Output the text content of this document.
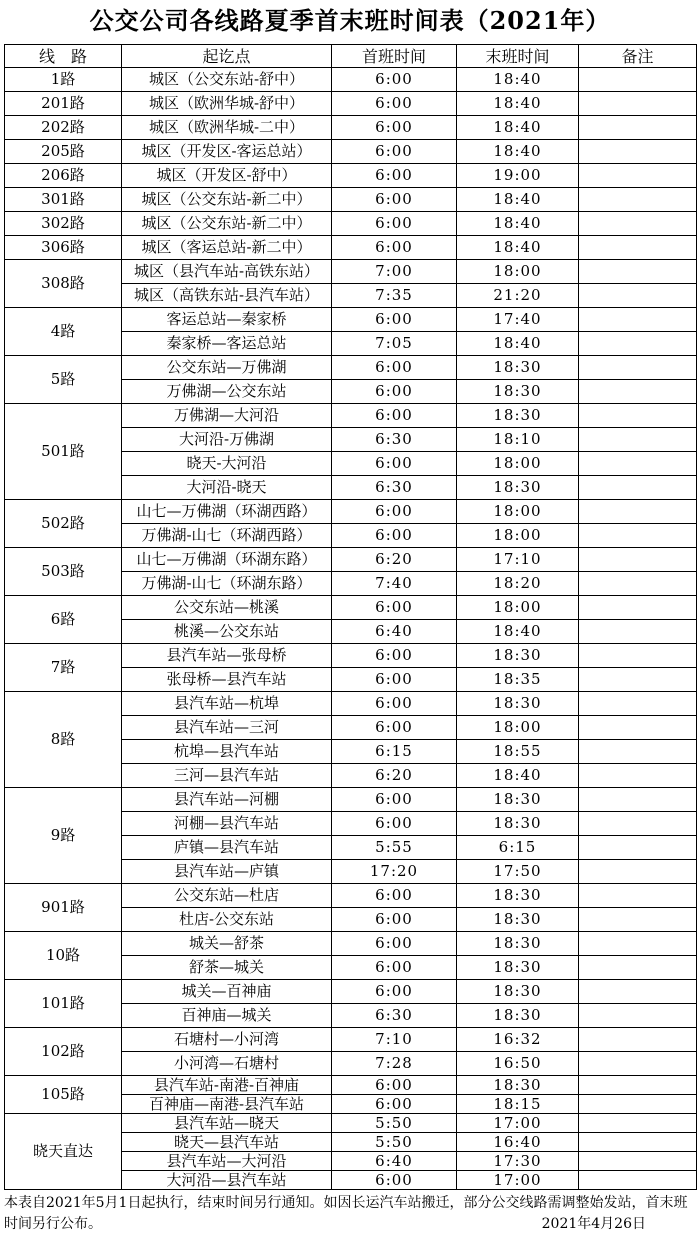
公交公司各线路夏季首末班时间表（2021年）
线　路	起讫点	首班时间	末班时间	备注
1路	城区（公交东站-舒中）	6:00	18:40	
201路	城区（欧洲华城-舒中）	6:00	18:40	
202路	城区（欧洲华城-二中）	6:00	18:40	
205路	城区（开发区-客运总站）	6:00	18:40	
206路	城区（开发区-舒中）	6:00	19:00	
301路	城区（公交东站-新二中）	6:00	18:40	
302路	城区（公交东站-新二中）	6:00	18:40	
306路	城区（客运总站-新二中）	6:00	18:40	
308路	城区（县汽车站-高铁东站）	7:00	18:00	
	城区（高铁东站-县汽车站）	7:35	21:20	
4路	客运总站—秦家桥	6:00	17:40	
	秦家桥—客运总站	7:05	18:40	
5路	公交东站—万佛湖	6:00	18:30	
	万佛湖—公交东站	6:00	18:30	
501路	万佛湖—大河沿	6:00	18:30	
	大河沿-万佛湖	6:30	18:10	
	晓天-大河沿	6:00	18:00	
	大河沿-晓天	6:30	18:30	
502路	山七—万佛湖（环湖西路）	6:00	18:00	
	万佛湖-山七（环湖西路）	6:00	18:00	
503路	山七—万佛湖（环湖东路）	6:20	17:10	
	万佛湖-山七（环湖东路）	7:40	18:20	
6路	公交东站—桃溪	6:00	18:00	
	桃溪—公交东站	6:40	18:40	
7路	县汽车站—张母桥	6:00	18:30	
	张母桥—县汽车站	6:00	18:35	
8路	县汽车站—杭埠	6:00	18:30	
	县汽车站—三河	6:00	18:00	
	杭埠—县汽车站	6:15	18:55	
	三河—县汽车站	6:20	18:40	
9路	县汽车站—河棚	6:00	18:30	
	河棚—县汽车站	6:00	18:30	
	庐镇—县汽车站	5:55	6:15	
	县汽车站—庐镇	17:20	17:50	
901路	公交东站—杜店	6:00	18:30	
	杜店-公交东站	6:00	18:30	
10路	城关—舒茶	6:00	18:30	
	舒茶—城关	6:00	18:30	
101路	城关—百神庙	6:00	18:30	
	百神庙—城关	6:30	18:30	
102路	石塘村—小河湾	7:10	16:32	
	小河湾—石塘村	7:28	16:50	
105路	县汽车站-南港-百神庙	6:00	18:30	
	百神庙—南港-县汽车站	6:00	18:15	
晓天直达	县汽车站—晓天	5:50	17:00	
	晓天—县汽车站	5:50	16:40	
	县汽车站—大河沿	6:40	17:30	
	大河沿—县汽车站	6:00	17:00	
本表自2021年5月1日起执行，结束时间另行通知。如因长运汽车站搬迁，部分公交线路需调整始发站，首末班时间另行公布。	2021年4月26日
